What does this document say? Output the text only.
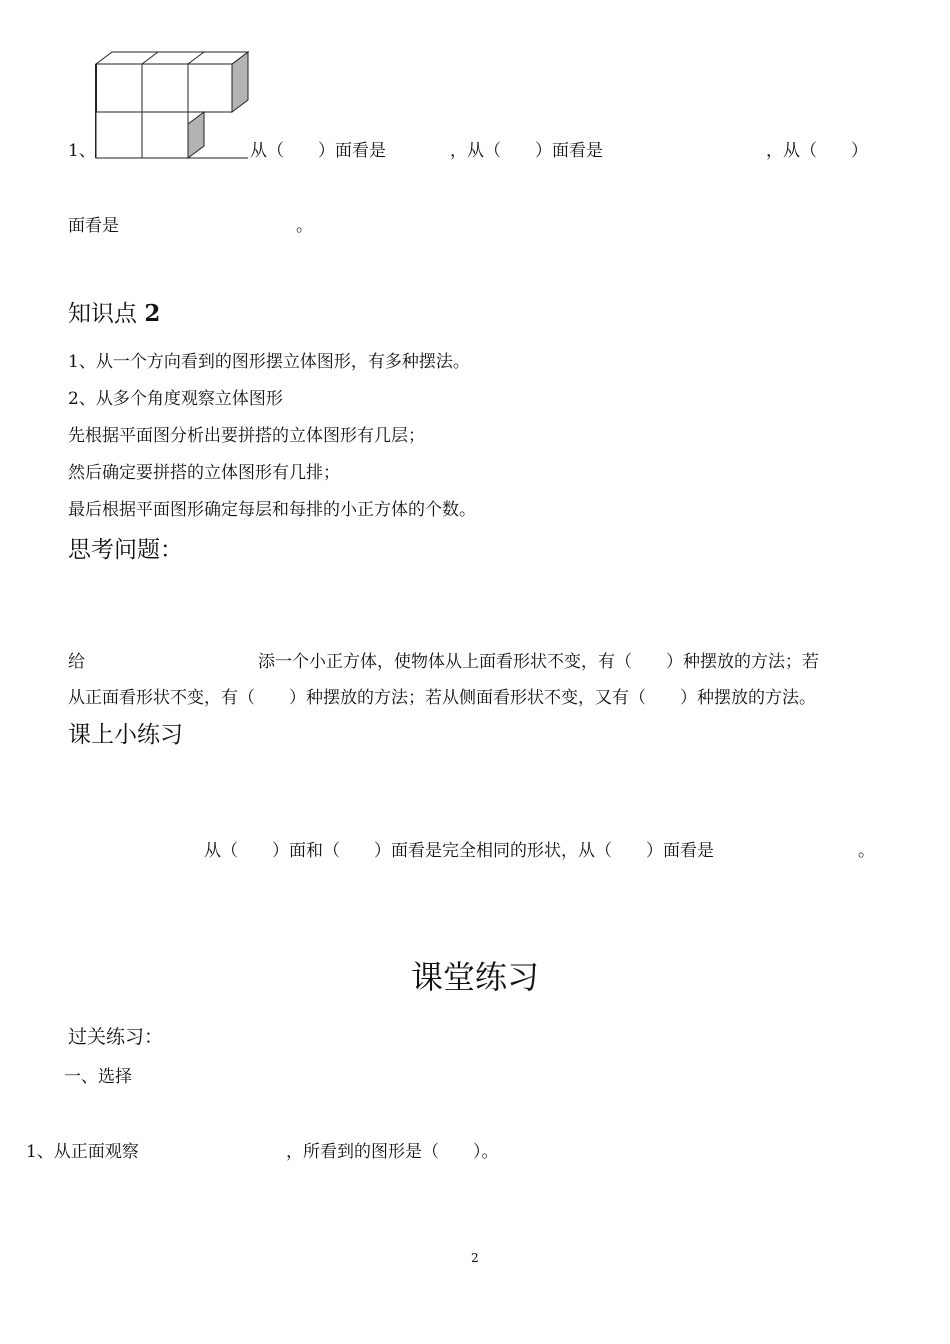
1、	从（　　）面看是	，从（　　）面看是	，从（　　）
面看是	。
知识点 2
1、从一个方向看到的图形摆立体图形，有多种摆法。
2、从多个角度观察立体图形
先根据平面图分析出要拼搭的立体图形有几层；
然后确定要拼搭的立体图形有几排；
最后根据平面图形确定每层和每排的小正方体的个数。
思考问题：
给	添一个小正方体，使物体从上面看形状不变，有（　　）种摆放的方法；若
从正面看形状不变，有（　　）种摆放的方法；若从侧面看形状不变，又有（　　）种摆放的方法。
课上小练习
从（　　）面和（　　）面看是完全相同的形状，从（　　）面看是	。
课堂练习
过关练习：
一、选择
1、从正面观察	，所看到的图形是（　　）。
2
